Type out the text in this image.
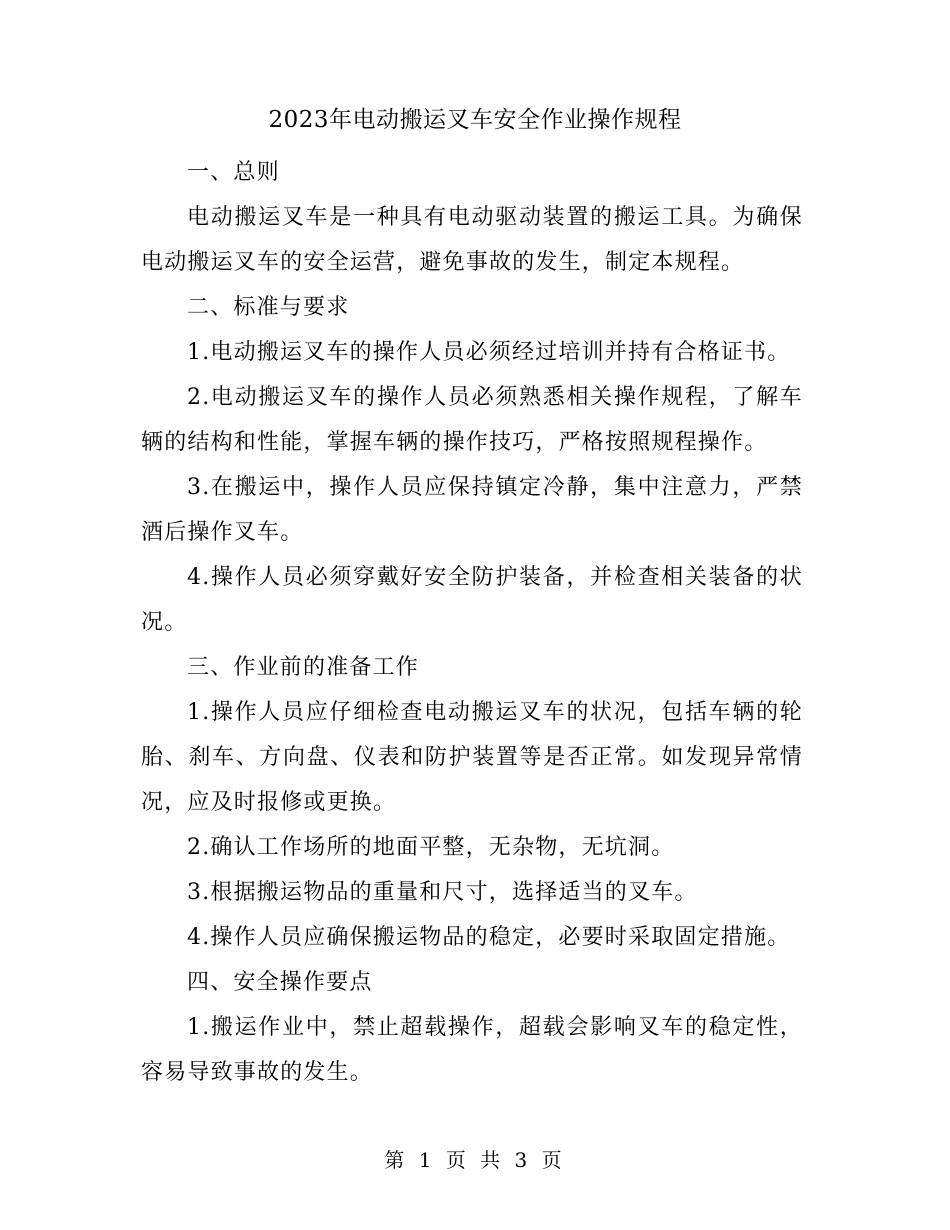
2023年电动搬运叉车安全作业操作规程

一、总则

电动搬运叉车是一种具有电动驱动装置的搬运工具。为确保电动搬运叉车的安全运营，避免事故的发生，制定本规程。

二、标准与要求

1.电动搬运叉车的操作人员必须经过培训并持有合格证书。

2.电动搬运叉车的操作人员必须熟悉相关操作规程，了解车辆的结构和性能，掌握车辆的操作技巧，严格按照规程操作。

3.在搬运中，操作人员应保持镇定冷静，集中注意力，严禁酒后操作叉车。

4.操作人员必须穿戴好安全防护装备，并检查相关装备的状况。

三、作业前的准备工作

1.操作人员应仔细检查电动搬运叉车的状况，包括车辆的轮胎、刹车、方向盘、仪表和防护装置等是否正常。如发现异常情况，应及时报修或更换。

2.确认工作场所的地面平整，无杂物，无坑洞。

3.根据搬运物品的重量和尺寸，选择适当的叉车。

4.操作人员应确保搬运物品的稳定，必要时采取固定措施。

四、安全操作要点

1.搬运作业中，禁止超载操作，超载会影响叉车的稳定性，容易导致事故的发生。

第 1 页 共 3 页
